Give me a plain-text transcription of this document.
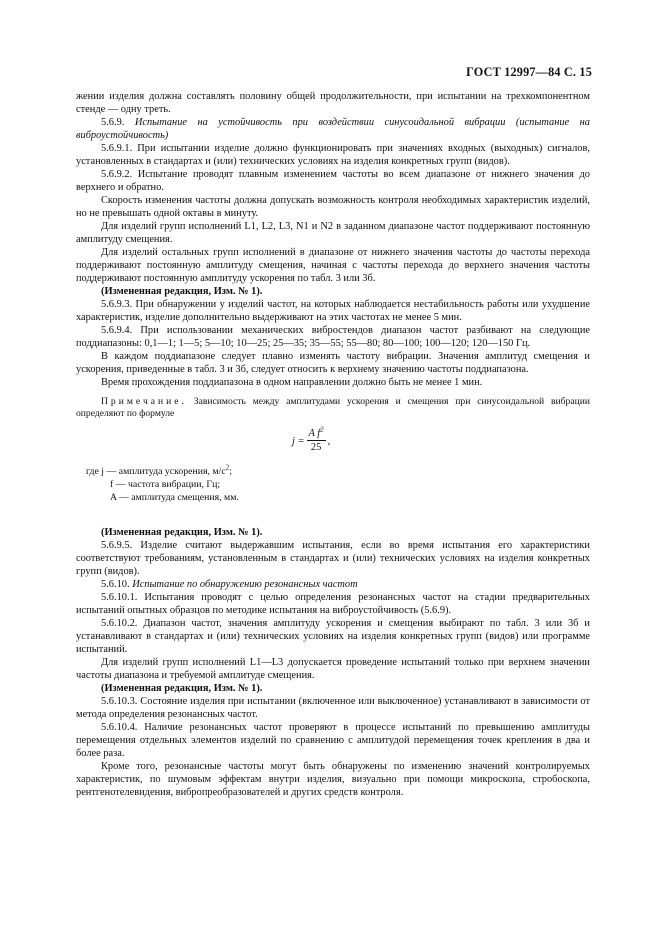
ГОСТ 12997—84 С. 15

жении изделия должна составлять половину общей продолжительности, при испытании на трехкомпонентном стенде — одну треть.

5.6.9. Испытание на устойчивость при воздействии синусоидальной вибрации (испытание на виброустойчивость)

5.6.9.1. При испытании изделие должно функционировать при значениях входных (выходных) сигналов, установленных в стандартах и (или) технических условиях на изделия конкретных групп (видов).

5.6.9.2. Испытание проводят плавным изменением частоты во всем диапазоне от нижнего значения до верхнего и обратно.

Скорость изменения частоты должна допускать возможность контроля необходимых характеристик изделий, но не превышать одной октавы в минуту.

Для изделий групп исполнений L1, L2, L3, N1 и N2 в заданном диапазоне частот поддерживают постоянную амплитуду смещения.

Для изделий остальных групп исполнений в диапазоне от нижнего значения частоты до частоты перехода поддерживают постоянную амплитуду смещения, начиная с частоты перехода до верхнего значения частоты поддерживают постоянную амплитуду ускорения по табл. 3 или 3б.

(Измененная редакция, Изм. № 1).

5.6.9.3. При обнаружении у изделий частот, на которых наблюдается нестабильность работы или ухудшение характеристик, изделие дополнительно выдерживают на этих частотах не менее 5 мин.

5.6.9.4. При использовании механических вибростендов диапазон частот разбивают на следующие поддиапазоны: 0,1—1; 1—5; 5—10; 10—25; 25—35; 35—55; 55—80; 80—100; 100—120; 120—150 Гц.

В каждом поддиапазоне следует плавно изменять частоту вибрации. Значения амплитуд смещения и ускорения, приведенные в табл. 3 и 3б, следует относить к верхнему значению частоты поддиапазона.

Время прохождения поддиапазона в одном направлении должно быть не менее 1 мин.

Примечание. Зависимость между амплитудами ускорения и смещения при синусоидальной вибрации определяют по формуле

$j = \frac{A f^2}{25}$ ,
где j — амплитуда ускорения, $м/с^2$;
f — частота вибрации, Гц;
A — амплитуда смещения, мм.

(Измененная редакция, Изм. № 1).

5.6.9.5. Изделие считают выдержавшим испытания, если во время испытания его характеристики соответствуют требованиям, установленным в стандартах и (или) технических условиях на изделия конкретных групп (видов).

5.6.10. Испытание по обнаружению резонансных частот

5.6.10.1. Испытания проводят с целью определения резонансных частот на стадии предварительных испытаний опытных образцов по методике испытания на виброустойчивость (5.6.9).

5.6.10.2. Диапазон частот, значения амплитуду ускорения и смещения выбирают по табл. 3 или 3б и устанавливают в стандартах и (или) технических условиях на изделия конкретных групп (видов) или программе испытаний.

Для изделий групп исполнений L1—L3 допускается проведение испытаний только при верхнем значении частоты диапазона и требуемой амплитуде смещения.

(Измененная редакция, Изм. № 1).

5.6.10.3. Состояние изделия при испытании (включенное или выключенное) устанавливают в зависимости от метода определения резонансных частот.

5.6.10.4. Наличие резонансных частот проверяют в процессе испытаний по превышению амплитуды перемещения отдельных элементов изделий по сравнению с амплитудой перемещения точек крепления в два и более раза.

Кроме того, резонансные частоты могут быть обнаружены по изменению значений контролируемых характеристик, по шумовым эффектам внутри изделия, визуально при помощи микроскопа, стробоскопа, рентгенотелевидения, вибропреобразователей и других средств контроля.
